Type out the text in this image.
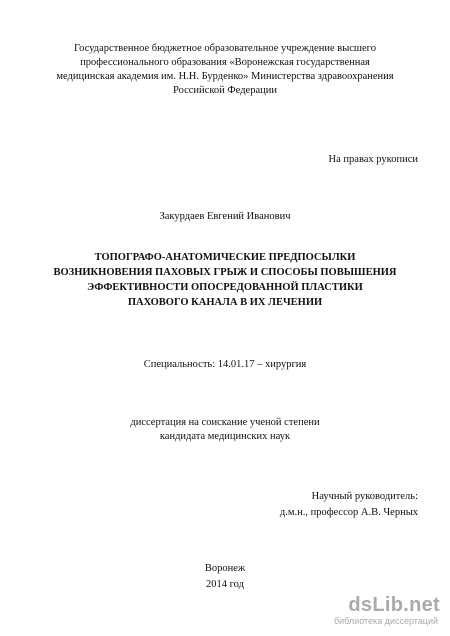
Государственное бюджетное образовательное учреждение высшего
профессионального образования «Воронежская государственная
медицинская академия им. Н.Н. Бурденко» Министерства здравоохранения
Российской Федерации
На правах рукописи
Закурдаев Евгений Иванович
ТОПОГРАФО-АНАТОМИЧЕСКИЕ ПРЕДПОСЫЛКИ
ВОЗНИКНОВЕНИЯ ПАХОВЫХ ГРЫЖ И СПОСОБЫ ПОВЫШЕНИЯ
ЭФФЕКТИВНОСТИ ОПОСРЕДОВАННОЙ ПЛАСТИКИ
ПАХОВОГО КАНАЛА В ИХ ЛЕЧЕНИИ
Специальность: 14.01.17 – хирургия
диссертация на соискание ученой степени
кандидата медицинских наук
Научный руководитель:
д.м.н., профессор А.В. Черных
Воронеж
2014 год
dsLib.net
библиотека диссертаций
